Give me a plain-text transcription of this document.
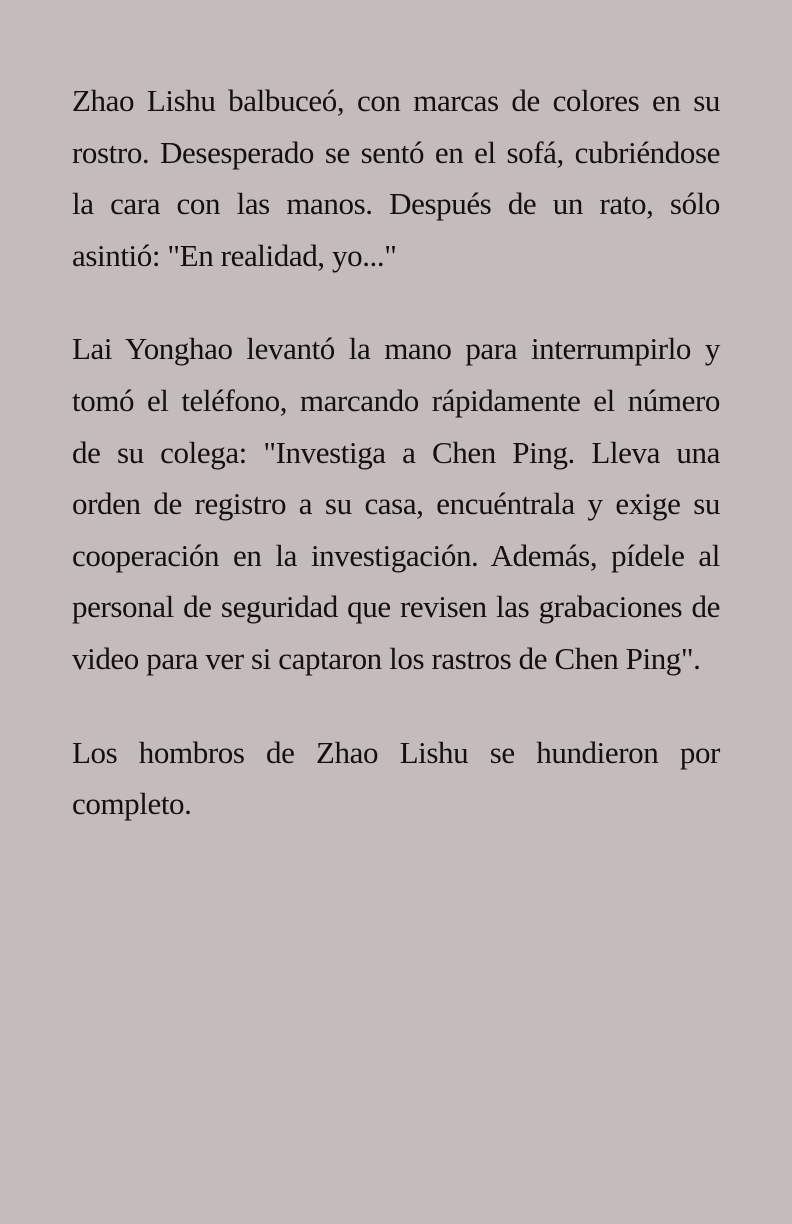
Zhao Lishu balbuceó, con marcas de colores en su rostro. Desesperado se sentó en el sofá, cubriéndose la cara con las manos. Después de un rato, sólo asintió: "En realidad, yo..."

Lai Yonghao levantó la mano para interrumpirlo y tomó el teléfono, marcando rápidamente el número de su colega: "Investiga a Chen Ping. Lleva una orden de registro a su casa, encuéntrala y exige su cooperación en la investigación. Además, pídele al personal de seguridad que revisen las grabaciones de video para ver si captaron los rastros de Chen Ping".

Los hombros de Zhao Lishu se hundieron por completo.
